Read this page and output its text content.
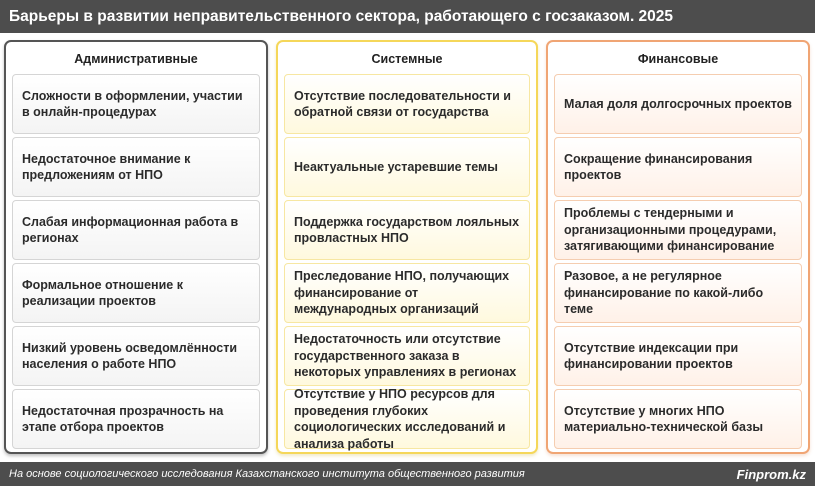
Барьеры в развитии неправительственного сектора, работающего с госзаказом. 2025
Административные
Сложности в оформлении, участии в онлайн-процедурах
Недостаточное внимание к предложениям от НПО
Слабая информационная работа в регионах
Формальное отношение к реализации проектов
Низкий уровень осведомлённости населения о работе НПО
Недостаточная прозрачность на этапе отбора проектов
Системные
Отсутствие последовательности и обратной связи от государства
Неактуальные устаревшие темы
Поддержка государством лояльных провластных НПО
Преследование НПО, получающих финансирование от международных организаций
Недостаточность или отсутствие государственного заказа в некоторых управлениях в регионах
Отсутствие у НПО ресурсов для проведения глубоких социологических исследований и анализа работы
Финансовые
Малая доля долгосрочных проектов
Сокращение финансирования проектов
Проблемы с тендерными и организационными процедурами, затягивающими финансирование
Разовое, а не регулярное финансирование по какой-либо теме
Отсутствие индексации при финансировании проектов
Отсутствие у многих НПО материально-технической базы
На основе социологического исследования Казахстанского института общественного развития	Finprom.kz
